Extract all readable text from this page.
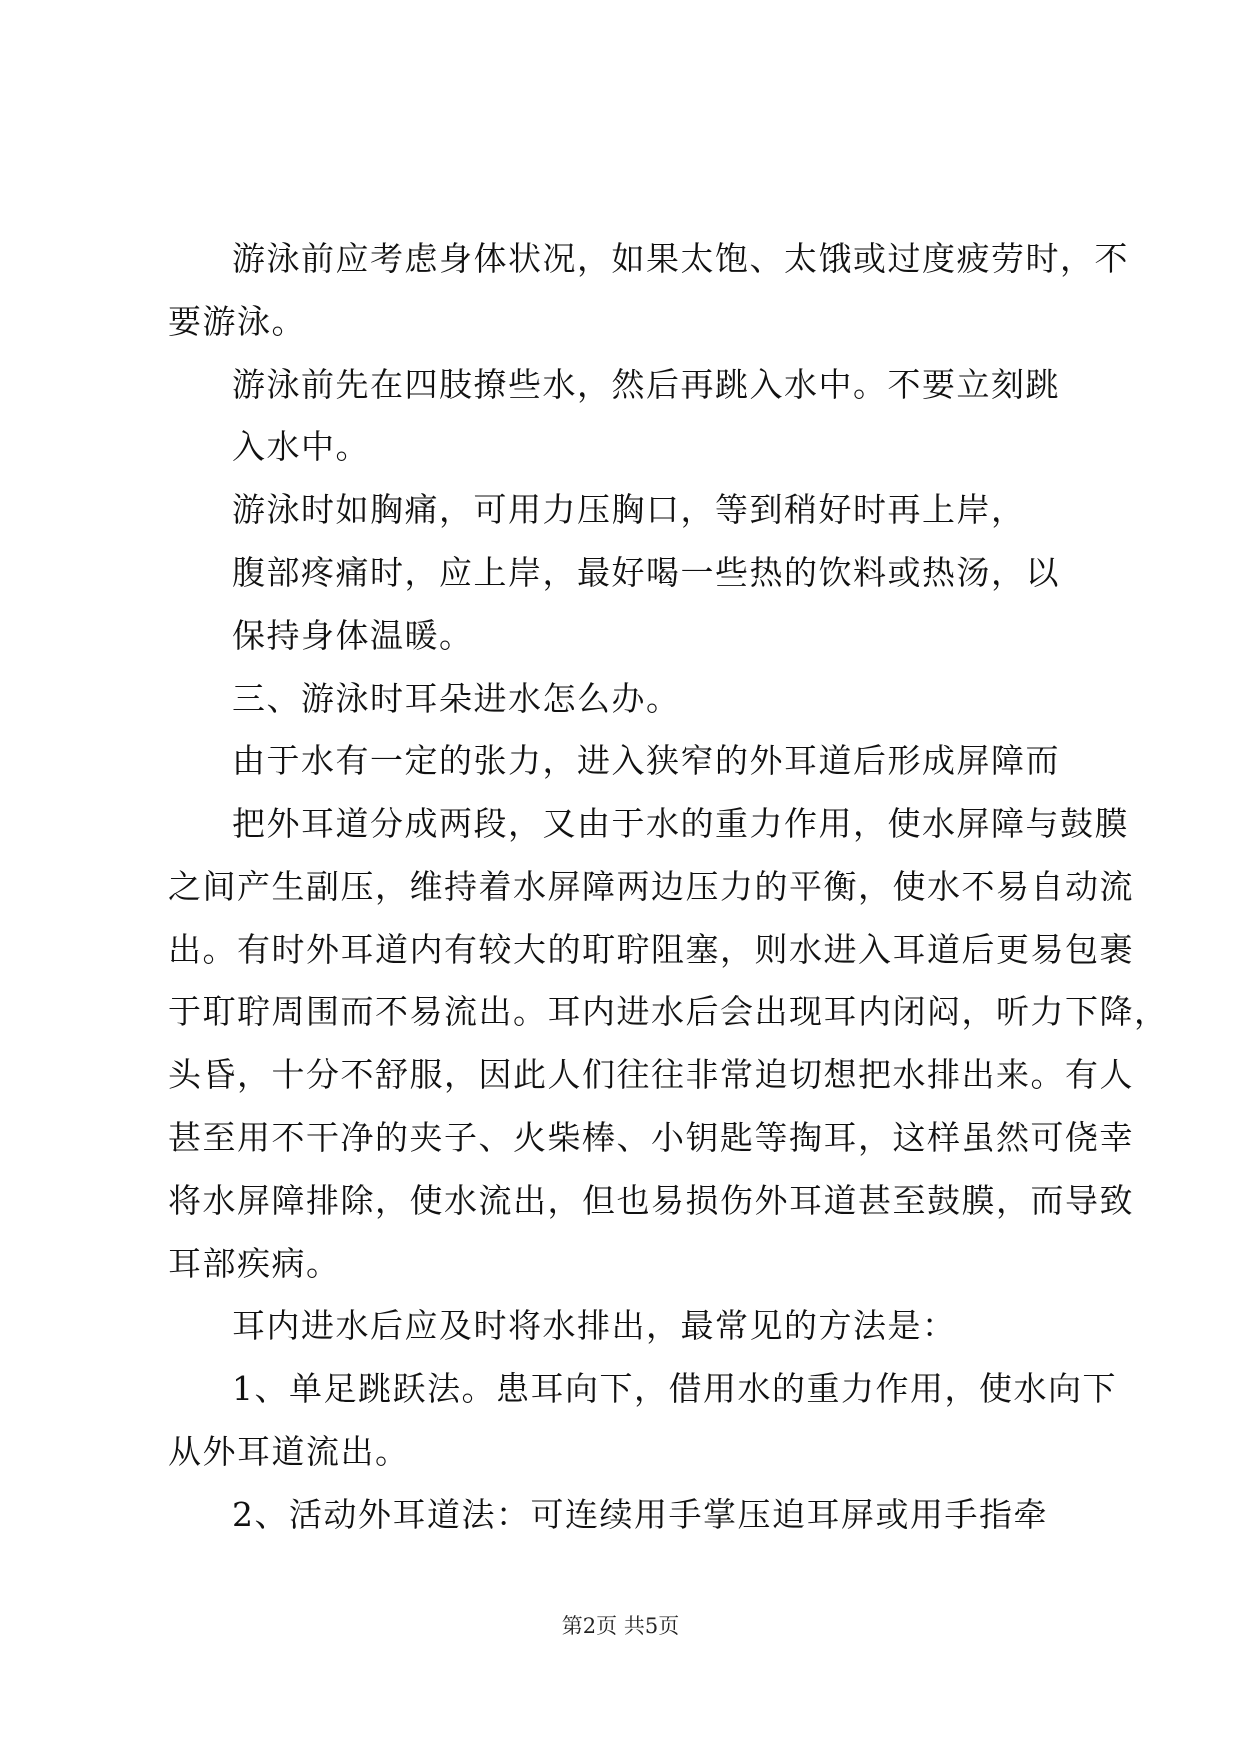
游泳前应考虑身体状况，如果太饱、太饿或过度疲劳时，不
要游泳。
游泳前先在四肢撩些水，然后再跳入水中。不要立刻跳
入水中。
游泳时如胸痛，可用力压胸口，等到稍好时再上岸，
腹部疼痛时，应上岸，最好喝一些热的饮料或热汤，以
保持身体温暖。
三、游泳时耳朵进水怎么办。
由于水有一定的张力，进入狭窄的外耳道后形成屏障而
把外耳道分成两段，又由于水的重力作用，使水屏障与鼓膜
之间产生副压，维持着水屏障两边压力的平衡，使水不易自动流
出。有时外耳道内有较大的耵聍阻塞，则水进入耳道后更易包裹
于耵聍周围而不易流出。耳内进水后会出现耳内闭闷，听力下降，
头昏，十分不舒服，因此人们往往非常迫切想把水排出来。有人
甚至用不干净的夹子、火柴棒、小钥匙等掏耳，这样虽然可侥幸
将水屏障排除，使水流出，但也易损伤外耳道甚至鼓膜，而导致
耳部疾病。
耳内进水后应及时将水排出，最常见的方法是：
1、单足跳跃法。患耳向下，借用水的重力作用，使水向下
从外耳道流出。
2、活动外耳道法：可连续用手掌压迫耳屏或用手指牵
第2页 共5页
